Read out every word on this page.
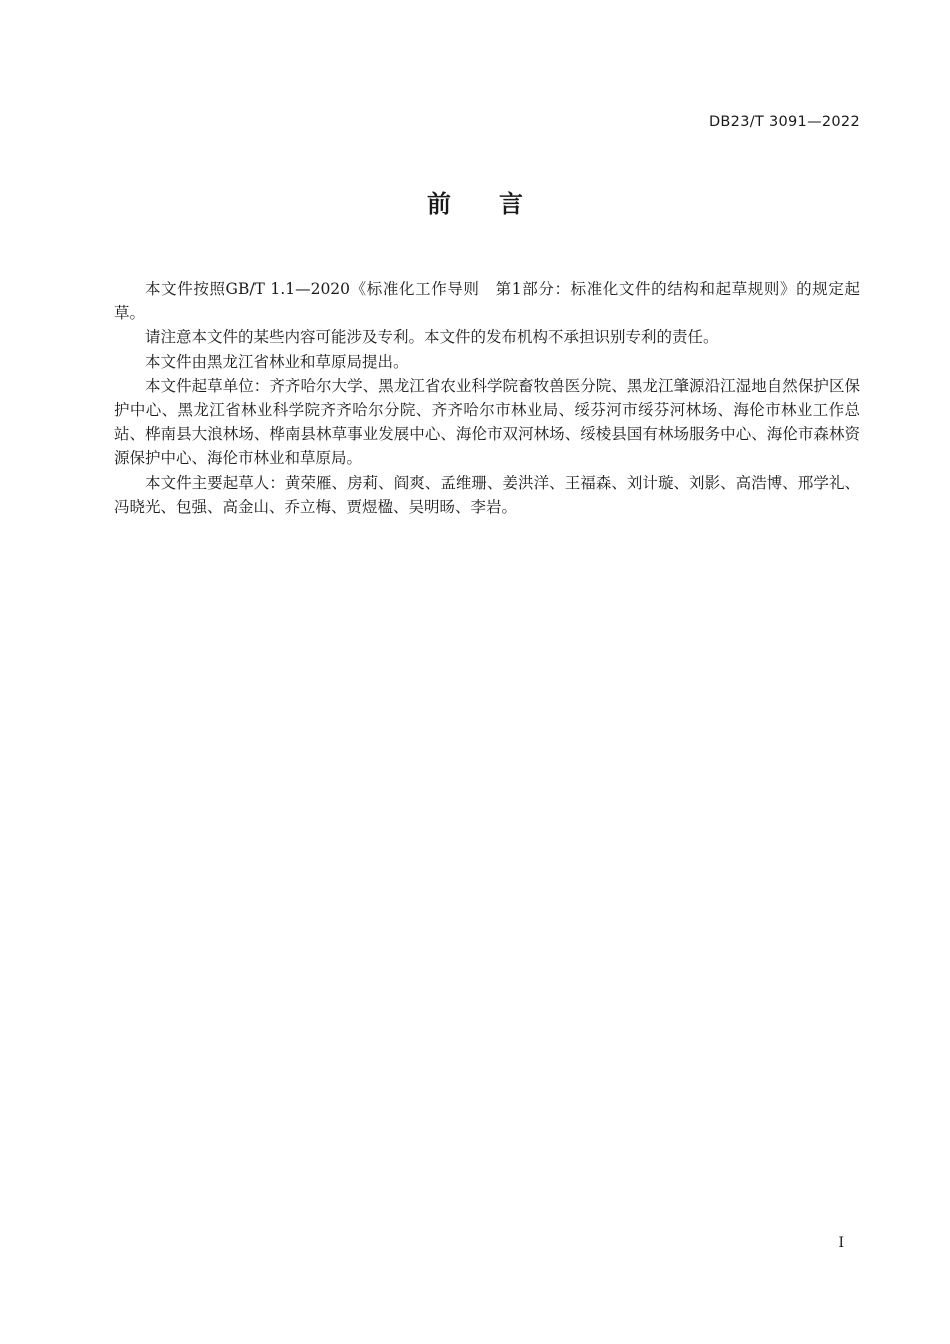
DB23/T 3091—2022
前言

本文件按照GB/T 1.1—2020《标准化工作导则　第1部分：标准化文件的结构和起草规则》的规定起草。

请注意本文件的某些内容可能涉及专利。本文件的发布机构不承担识别专利的责任。

本文件由黑龙江省林业和草原局提出。

本文件起草单位：齐齐哈尔大学、黑龙江省农业科学院畜牧兽医分院、黑龙江肇源沿江湿地自然保护区保护中心、黑龙江省林业科学院齐齐哈尔分院、齐齐哈尔市林业局、绥芬河市绥芬河林场、海伦市林业工作总站、桦南县大浪林场、桦南县林草事业发展中心、海伦市双河林场、绥棱县国有林场服务中心、海伦市森林资源保护中心、海伦市林业和草原局。

本文件主要起草人：黄荣雁、房莉、阎爽、孟维珊、姜洪洋、王福森、刘计璇、刘影、高浩博、邢学礼、冯晓光、包强、高金山、乔立梅、贾煜楹、吴明旸、李岩。

I
